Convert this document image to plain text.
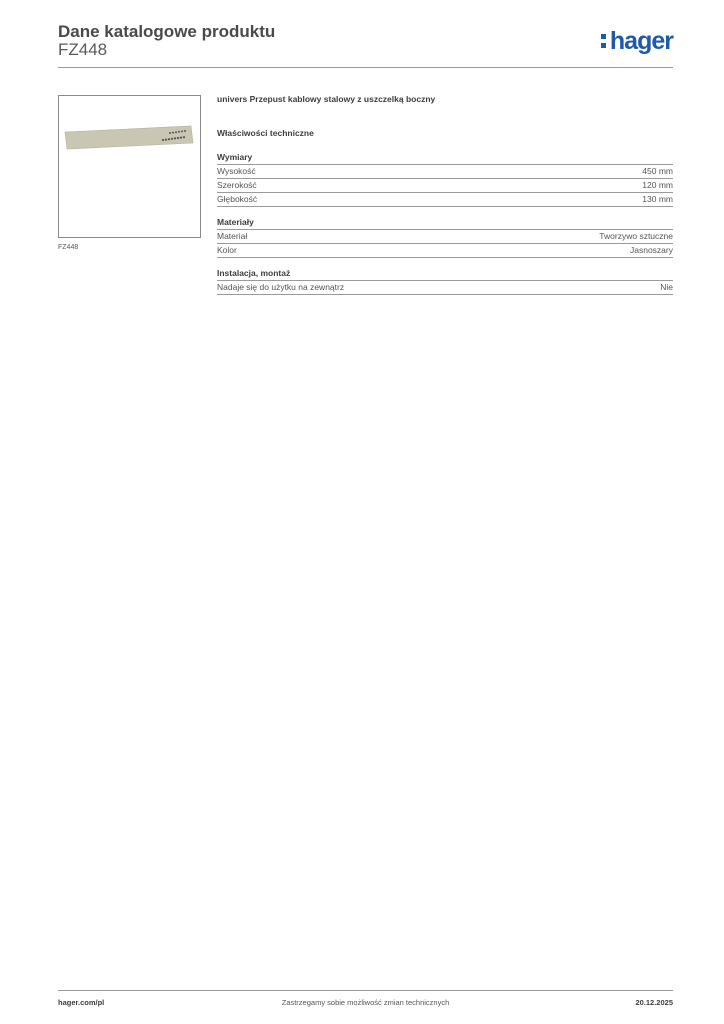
Dane katalogowe produktu
FZ448	hager
FZ448
univers Przepust kablowy stalowy z uszczelką boczny
Właściwości techniczne
Wymiary
Wysokość	450 mm
Szerokość	120 mm
Głębokość	130 mm
Materiały
Materiał	Tworzywo sztuczne
Kolor	Jasnoszary
Instalacja, montaż
Nadaje się do użytku na zewnątrz	Nie
hager.com/pl	Zastrzegamy sobie możliwość zmian technicznych	20.12.2025
